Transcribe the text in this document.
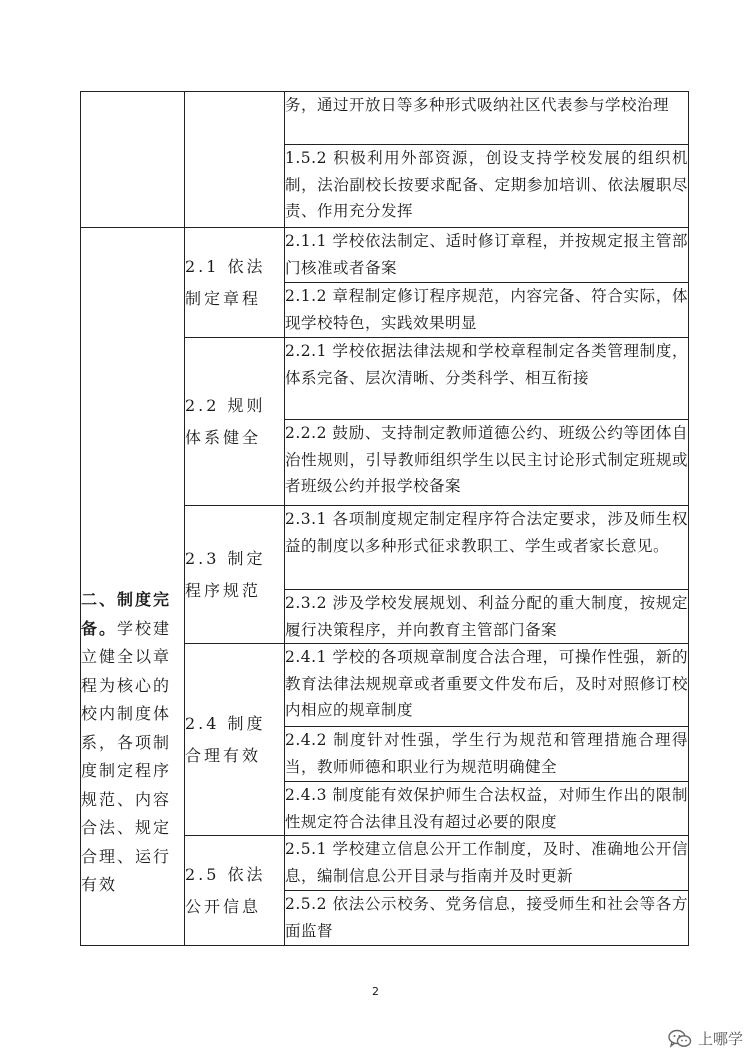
		务，通过开放日等多种形式吸纳社区代表参与学校治理

		1.5.2 积极利用外部资源，创设支持学校发展的组织机制，法治副校长按要求配备、定期参加培训、依法履职尽责、作用充分发挥

二、制度完备。学校建立健全以章程为核心的校内制度体系，各项制度制定程序规范、内容合法、规定合理、运行有效	2.1 依法制定章程	2.1.1 学校依法制定、适时修订章程，并按规定报主管部门核准或者备案

		2.1.2 章程制定修订程序规范，内容完备、符合实际，体现学校特色，实践效果明显

	2.2 规则体系健全	2.2.1 学校依据法律法规和学校章程制定各类管理制度，体系完备、层次清晰、分类科学、相互衔接

		2.2.2 鼓励、支持制定教师道德公约、班级公约等团体自治性规则，引导教师组织学生以民主讨论形式制定班规或者班级公约并报学校备案

	2.3 制定程序规范	2.3.1 各项制度规定制定程序符合法定要求，涉及师生权益的制度以多种形式征求教职工、学生或者家长意见。

		2.3.2 涉及学校发展规划、利益分配的重大制度，按规定履行决策程序，并向教育主管部门备案

	2.4 制度合理有效	2.4.1 学校的各项规章制度合法合理，可操作性强，新的教育法律法规规章或者重要文件发布后，及时对照修订校内相应的规章制度

		2.4.2 制度针对性强，学生行为规范和管理措施合理得当，教师师德和职业行为规范明确健全

		2.4.3 制度能有效保护师生合法权益，对师生作出的限制性规定符合法律且没有超过必要的限度

	2.5 依法公开信息	2.5.1 学校建立信息公开工作制度，及时、准确地公开信息，编制信息公开目录与指南并及时更新

		2.5.2 依法公示校务、党务信息，接受师生和社会等各方面监督
2
上哪学
